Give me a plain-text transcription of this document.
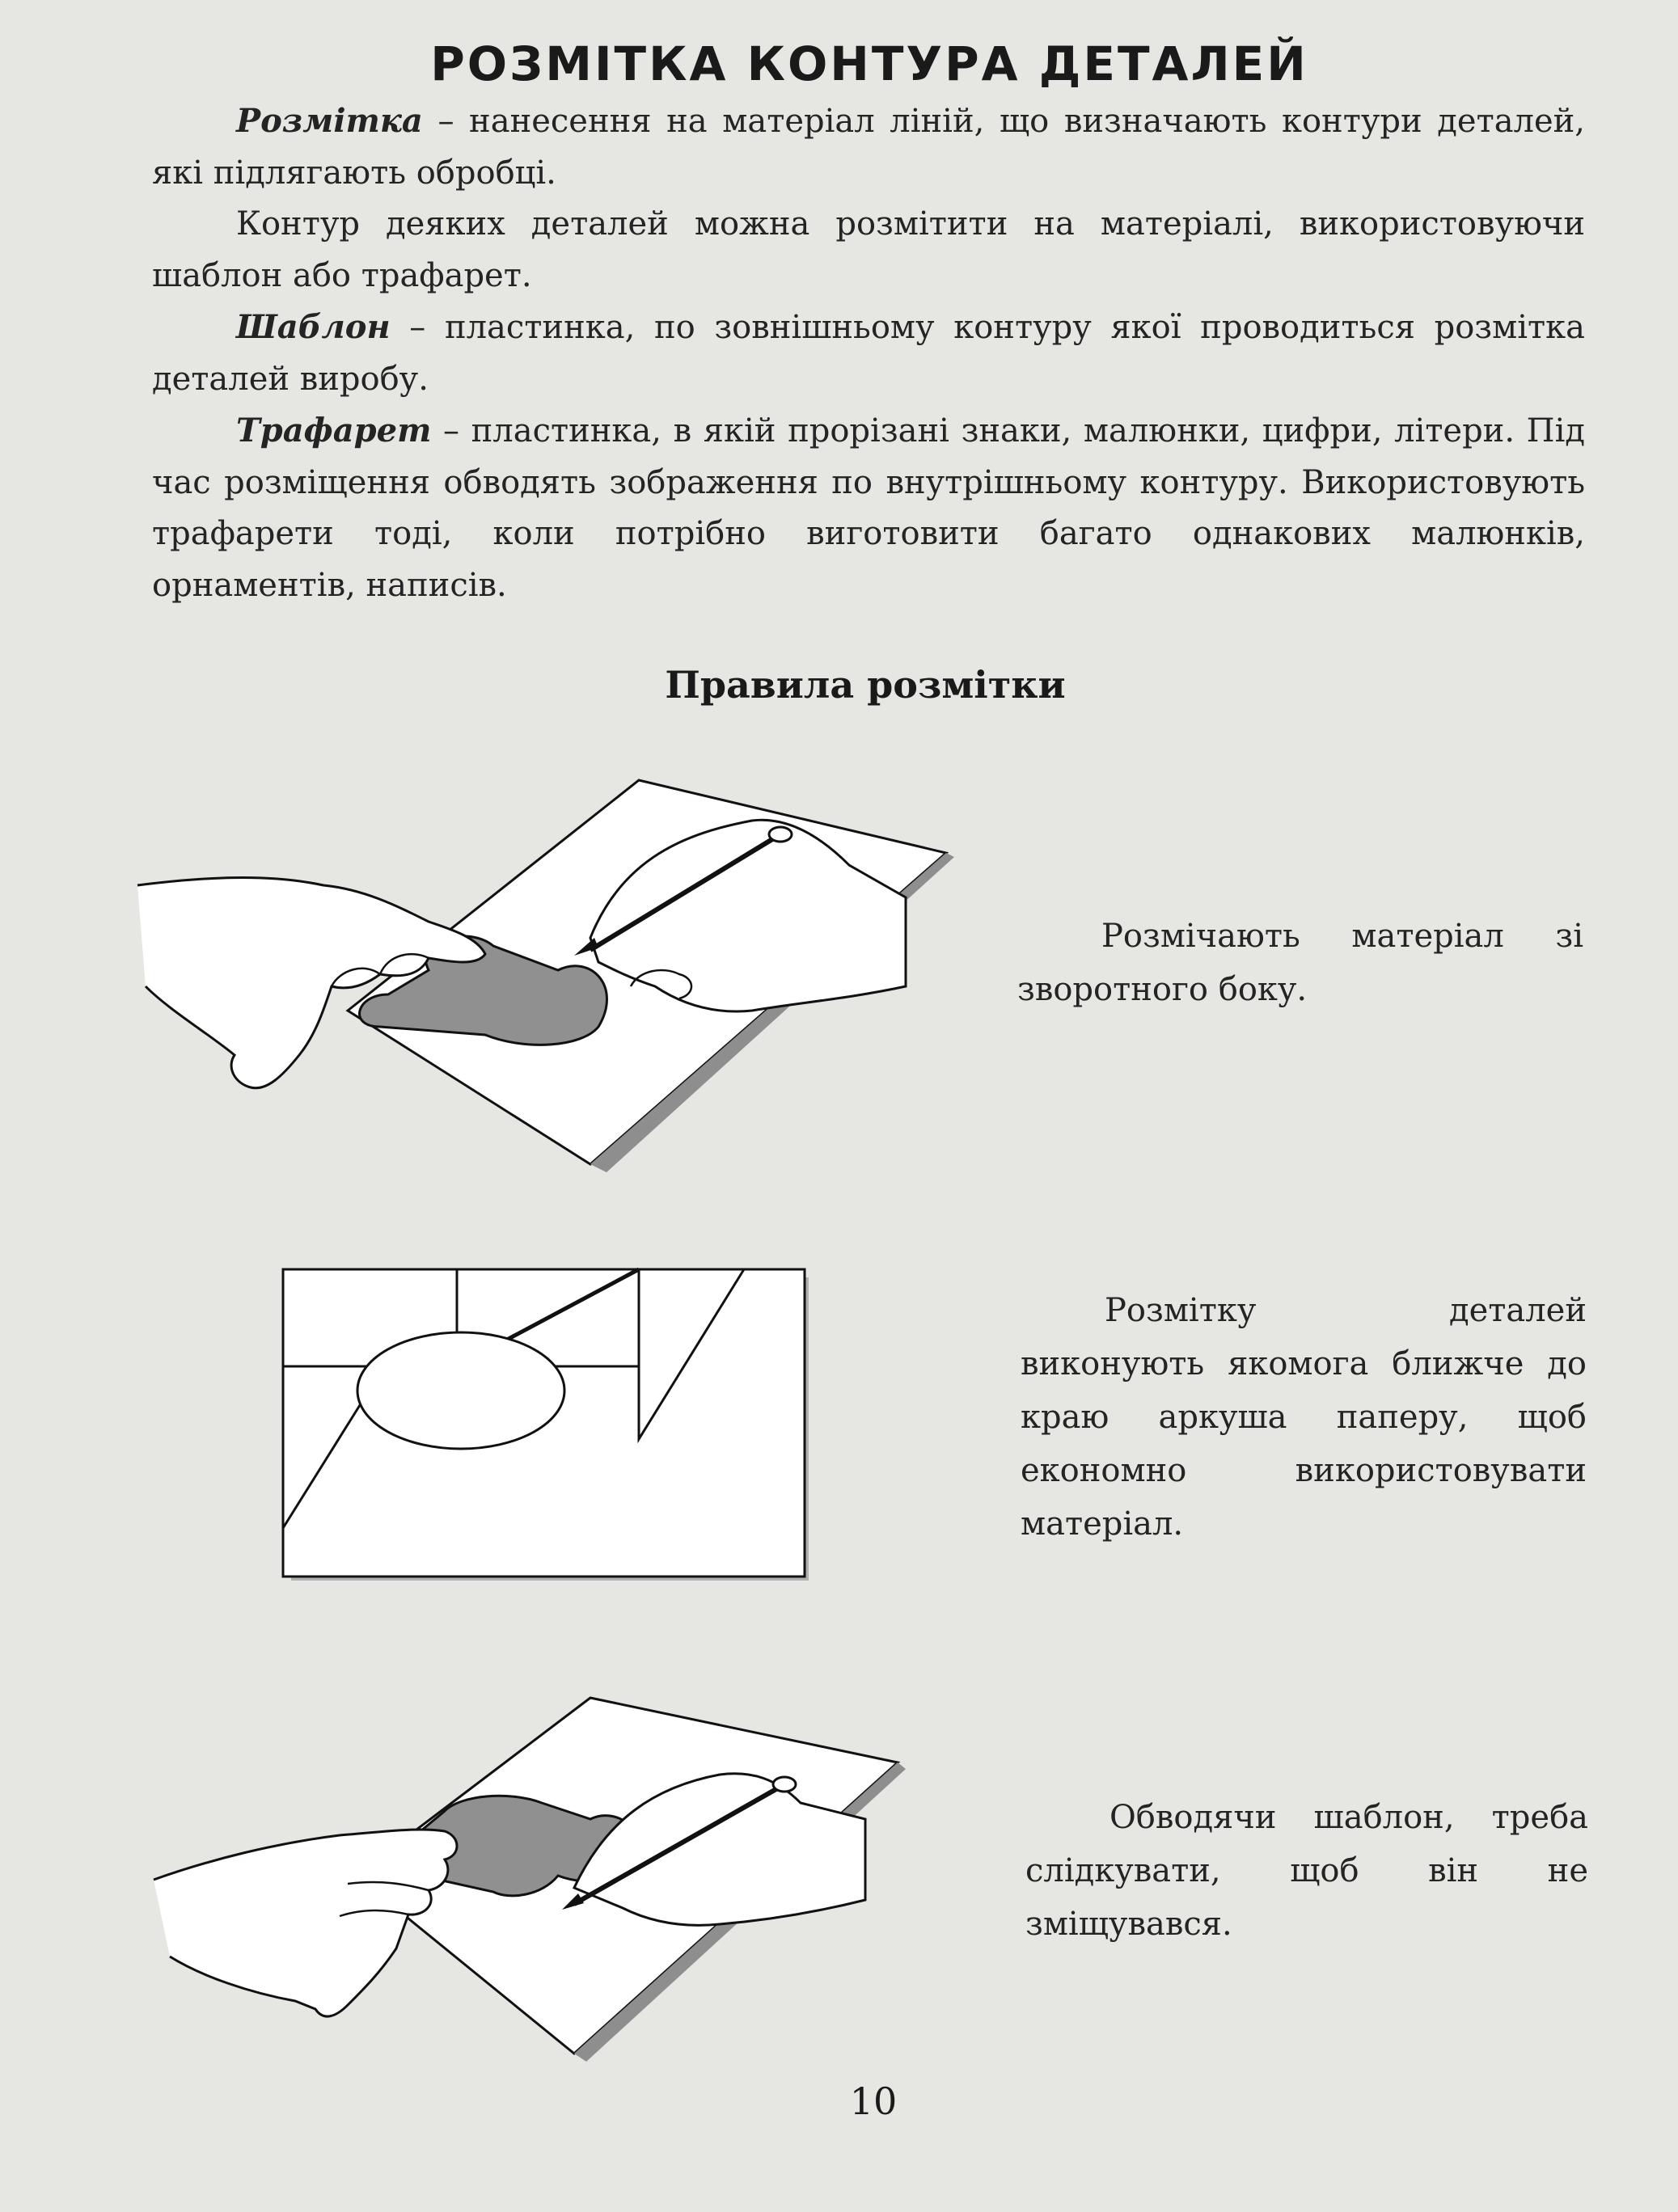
РОЗМІТКА КОНТУРА ДЕТАЛЕЙ

Розмітка – нанесення на матеріал ліній, що визначають контури деталей, які підлягають обробці.

Контур деяких деталей можна розмітити на матеріалі, використовуючи шаблон або трафарет.

Шаблон – пластинка, по зовнішньому контуру якої проводиться розмітка деталей виробу.

Трафарет – пластинка, в якій прорізані знаки, малюнки, цифри, літери. Під час розміщення обводять зображення по внутрішньому контуру. Використовують трафарети тоді, коли потрібно виготовити багато однакових малюнків, орнаментів, написів.

Правила розмітки

Розмічають матеріал зі зворотного боку.

Розмітку деталей виконують якомога ближче до краю аркуша паперу, щоб економно використовувати матеріал.

Обводячи шаблон, треба слідкувати, щоб він не зміщувався.

10
